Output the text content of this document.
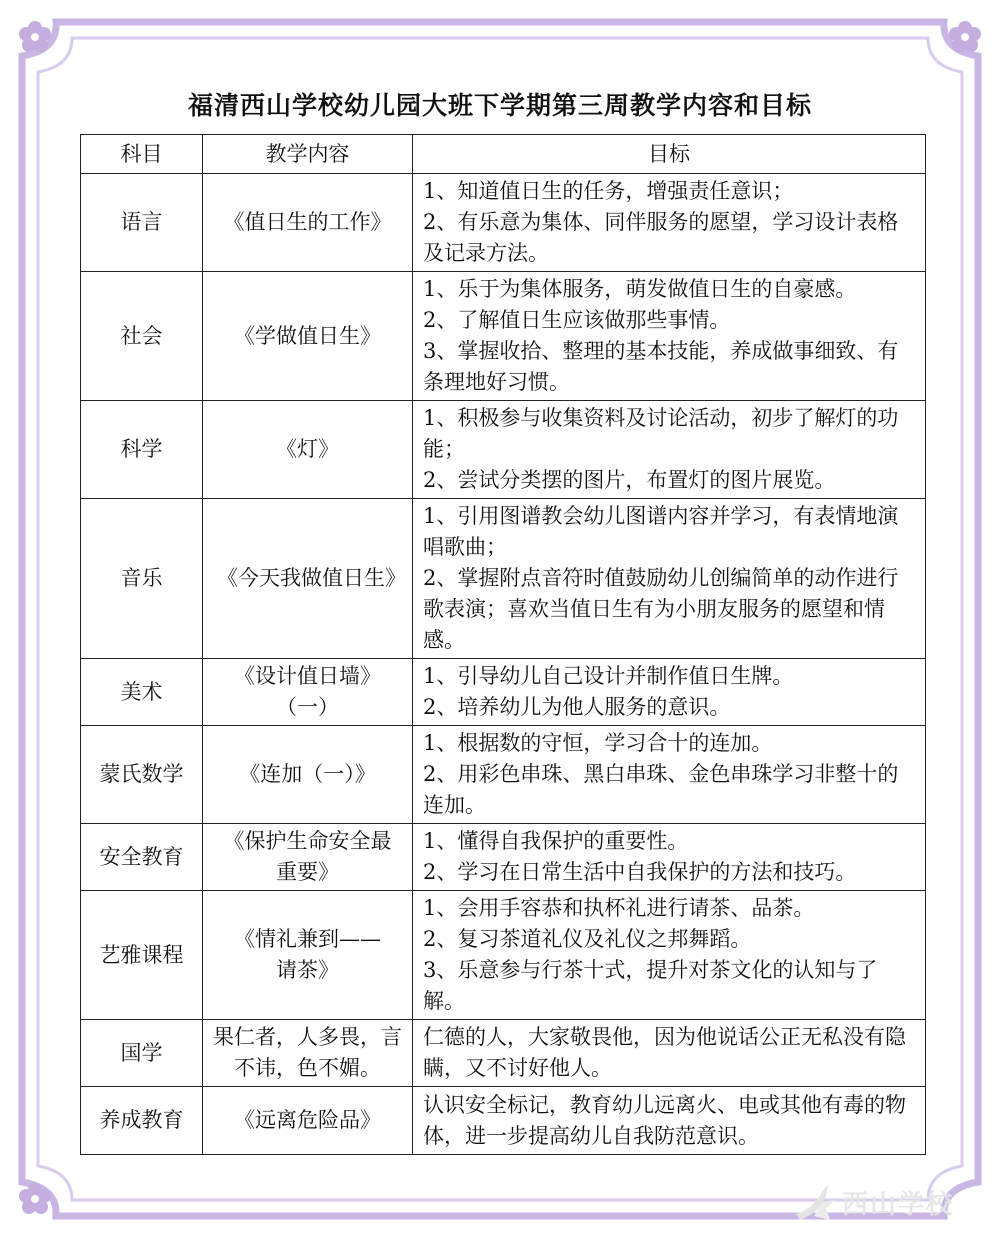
福清西山学校幼儿园大班下学期第三周教学内容和目标
科目	教学内容	目标
语言	《值日生的工作》	1、知道值日生的任务，增强责任意识；
2、有乐意为集体、同伴服务的愿望，学习设计表格及记录方法。

社会	《学做值日生》	1、乐于为集体服务，萌发做值日生的自豪感。
2、了解值日生应该做那些事情。
3、掌握收拾、整理的基本技能，养成做事细致、有条理地好习惯。

科学	《灯》	1、积极参与收集资料及讨论活动，初步了解灯的功能；
2、尝试分类摆的图片，布置灯的图片展览。

音乐	《今天我做值日生》	1、引用图谱教会幼儿图谱内容并学习，有表情地演唱歌曲；
2、掌握附点音符时值鼓励幼儿创编简单的动作进行歌表演；喜欢当值日生有为小朋友服务的愿望和情感。

美术	《设计值日墙》（一）	1、引导幼儿自己设计并制作值日生牌。
2、培养幼儿为他人服务的意识。

蒙氏数学	《连加（一）》	1、根据数的守恒，学习合十的连加。
2、用彩色串珠、黑白串珠、金色串珠学习非整十的连加。

安全教育	《保护生命安全最重要》	1、懂得自我保护的重要性。
2、学习在日常生活中自我保护的方法和技巧。

艺雅课程	《情礼兼到——请茶》	1、会用手容恭和执杯礼进行请茶、品茶。
2、复习茶道礼仪及礼仪之邦舞蹈。
3、乐意参与行茶十式，提升对茶文化的认知与了解。

国学	果仁者，人多畏，言不讳，色不媚。	仁德的人，大家敬畏他，因为他说话公正无私没有隐瞒，又不讨好他人。

养成教育	《远离危险品》	认识安全标记，教育幼儿远离火、电或其他有毒的物体，进一步提高幼儿自我防范意识。
西山学校
